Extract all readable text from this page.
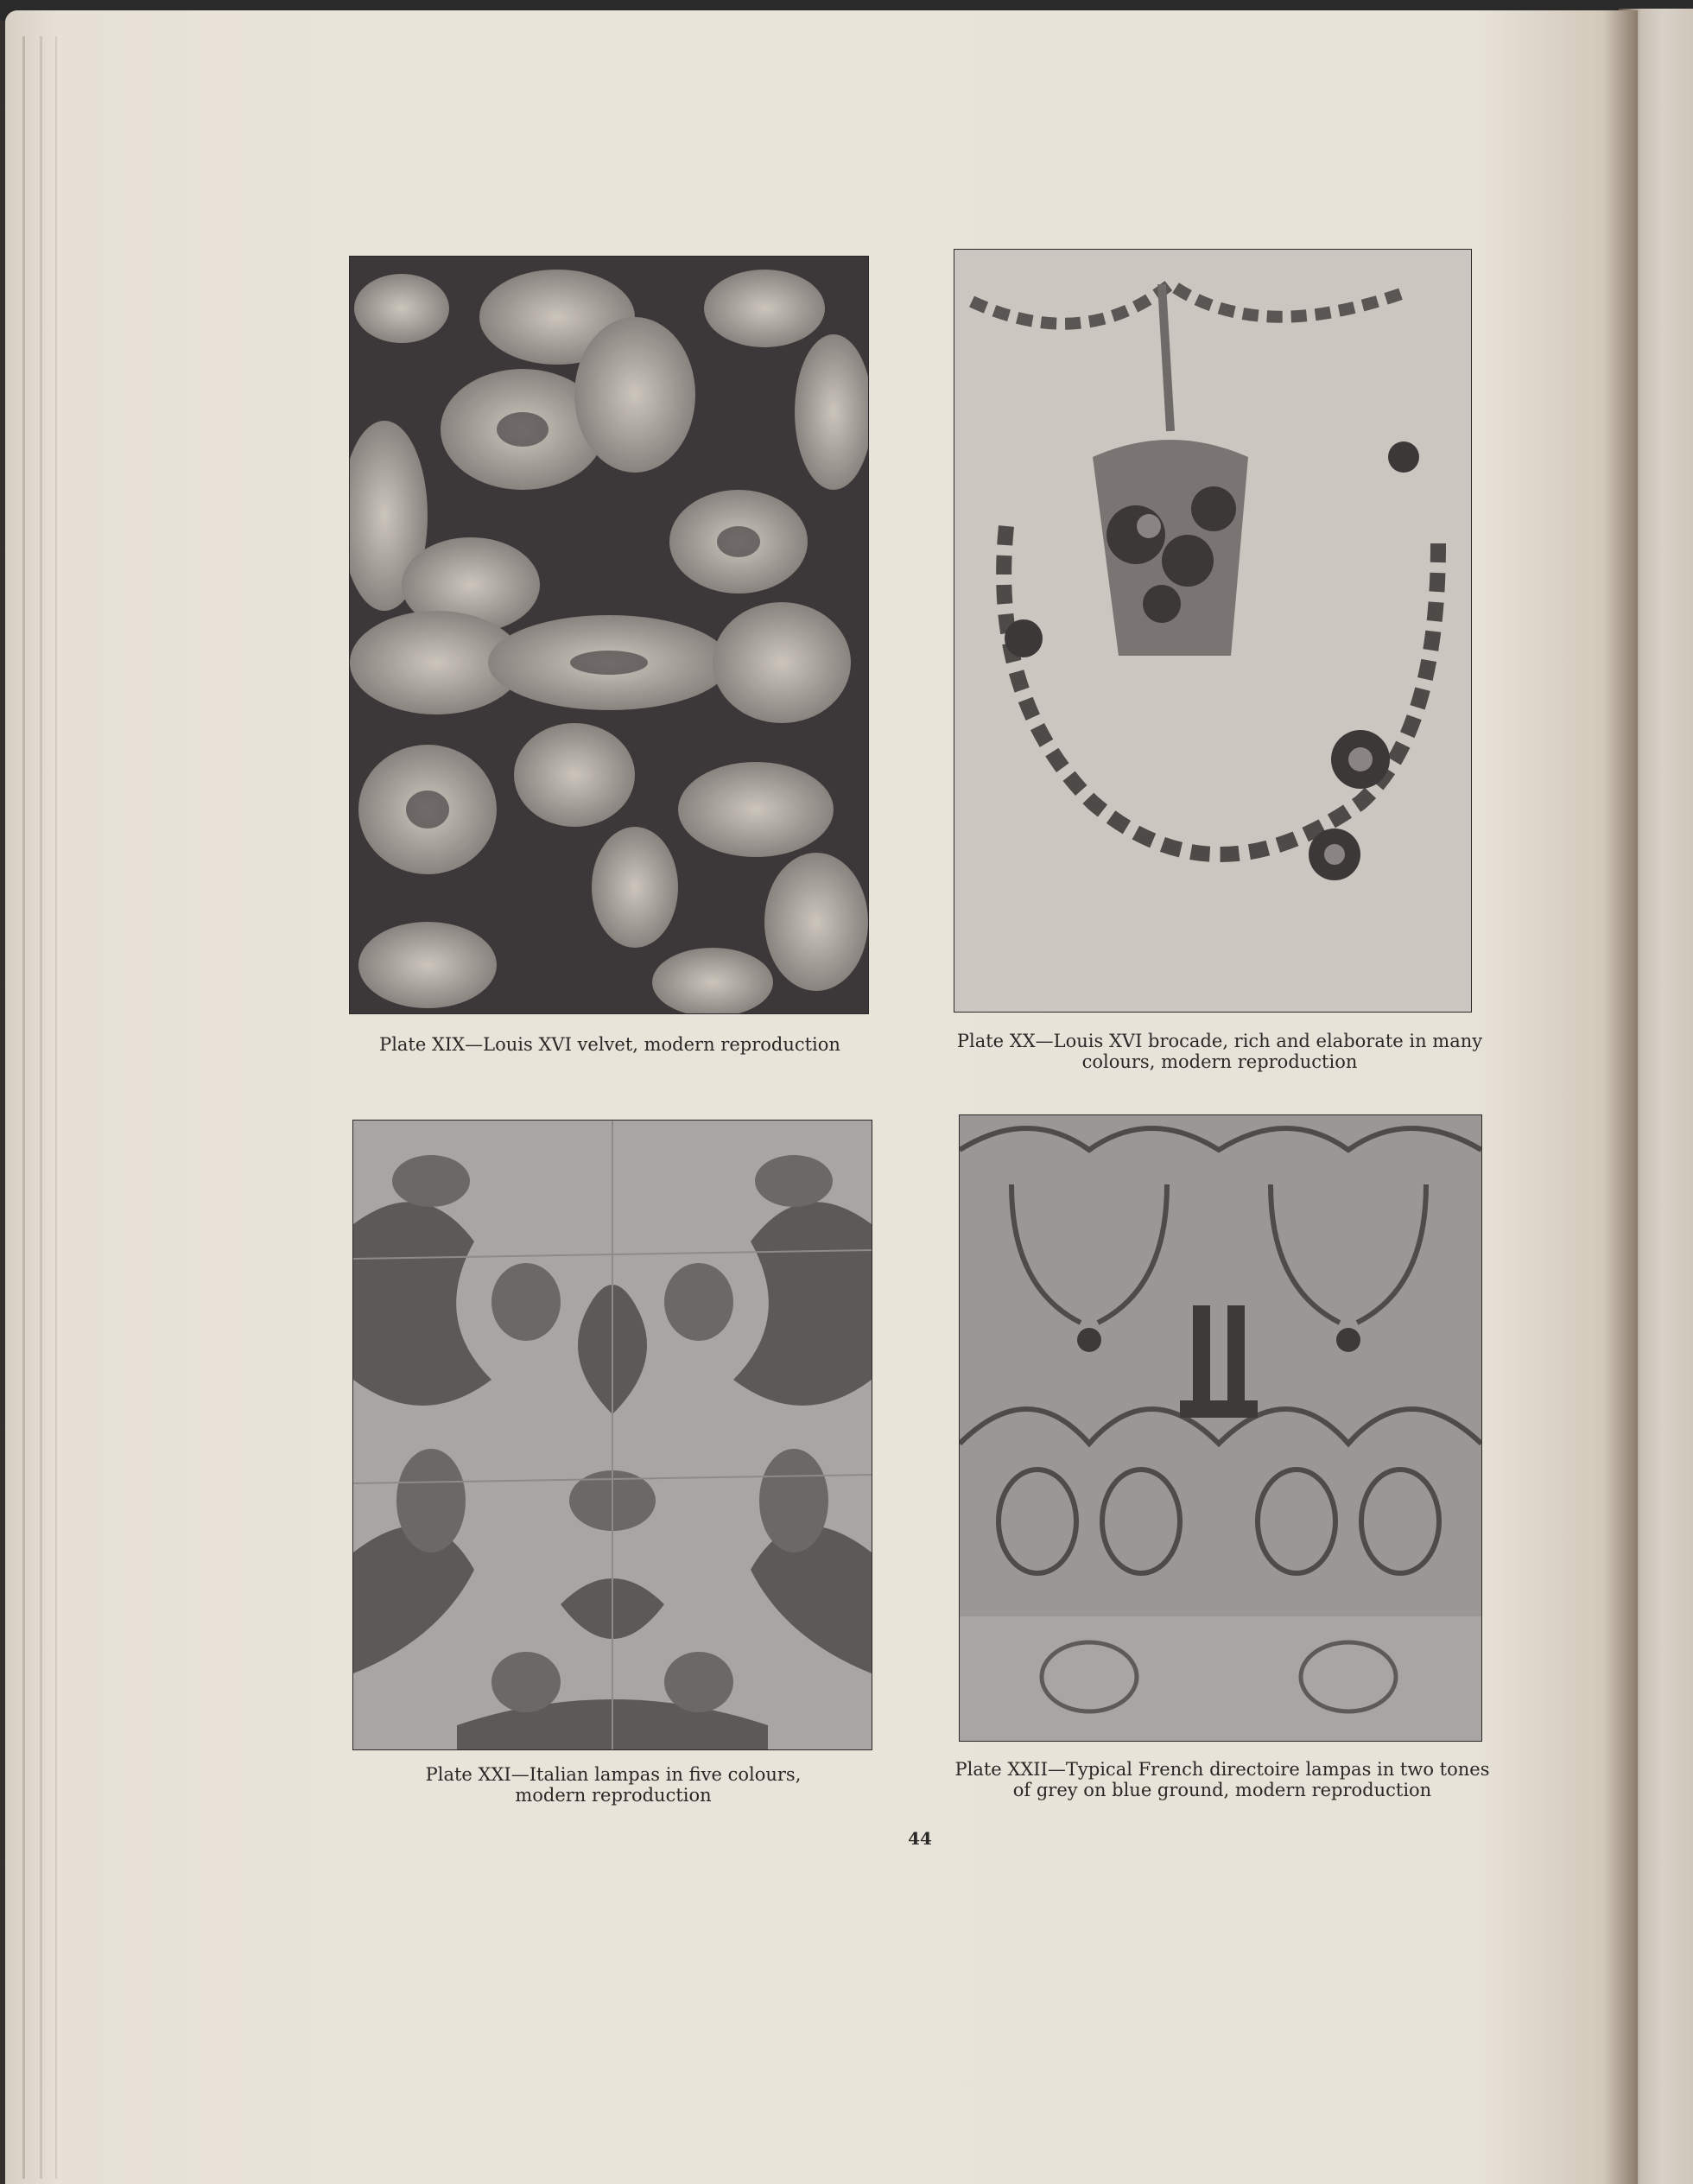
Plate XIX—Louis XVI velvet, modern reproduction	Plate XX—Louis XVI brocade, rich and elaborate in many colours, modern reproduction
Plate XXI—Italian lampas in five colours, modern reproduction
Plate XXII—Typical French directoire lampas in two tones of grey on blue ground, modern reproduction
44
